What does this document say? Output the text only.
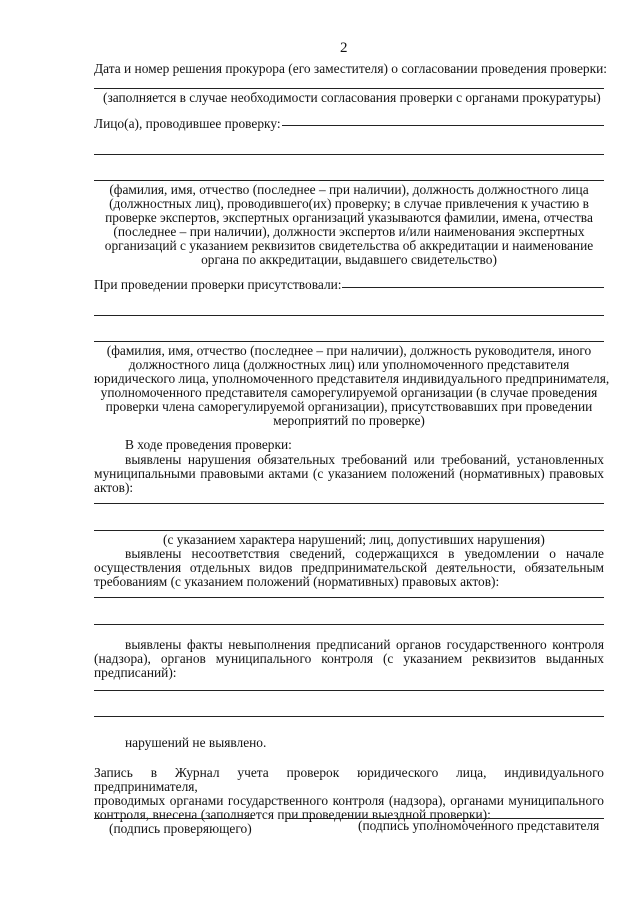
2
Дата и номер решения прокурора (его заместителя) о согласовании проведения проверки:
(заполняется в случае необходимости согласования проверки с органами прокуратуры)
Лицо(а), проводившее проверку:
(фамилия, имя, отчество (последнее – при наличии), должность должностного лица
(должностных лиц), проводившего(их) проверку; в случае привлечения к участию в
проверке экспертов, экспертных организаций указываются фамилии, имена, отчества
(последнее – при наличии), должности экспертов и/или наименования экспертных
организаций с указанием реквизитов свидетельства об аккредитации и наименование
органа по аккредитации, выдавшего свидетельство)
При проведении проверки присутствовали:
(фамилия, имя, отчество (последнее – при наличии), должность руководителя, иного
должностного лица (должностных лиц) или уполномоченного представителя
юридического лица, уполномоченного представителя индивидуального предпринимателя,
уполномоченного представителя саморегулируемой организации (в случае проведения
проверки члена саморегулируемой организации), присутствовавших при проведении
мероприятий по проверке)
В ходе проведения проверки:
выявлены нарушения обязательных требований или требований, установленных
муниципальными правовыми актами (с указанием положений (нормативных) правовых
актов):
(с указанием характера нарушений; лиц, допустивших нарушения)
выявлены несоответствия сведений, содержащихся в уведомлении о начале
осуществления отдельных видов предпринимательской деятельности, обязательным
требованиям (с указанием положений (нормативных) правовых актов):
выявлены факты невыполнения предписаний органов государственного контроля
(надзора), органов муниципального контроля (с указанием реквизитов выданных
предписаний):
нарушений не выявлено.
Запись в Журнал учета проверок юридического лица, индивидуального предпринимателя,
проводимых органами государственного контроля (надзора), органами муниципального
контроля, внесена (заполняется при проведении выездной проверки):
(подпись проверяющего)	(подпись уполномоченного представителя
